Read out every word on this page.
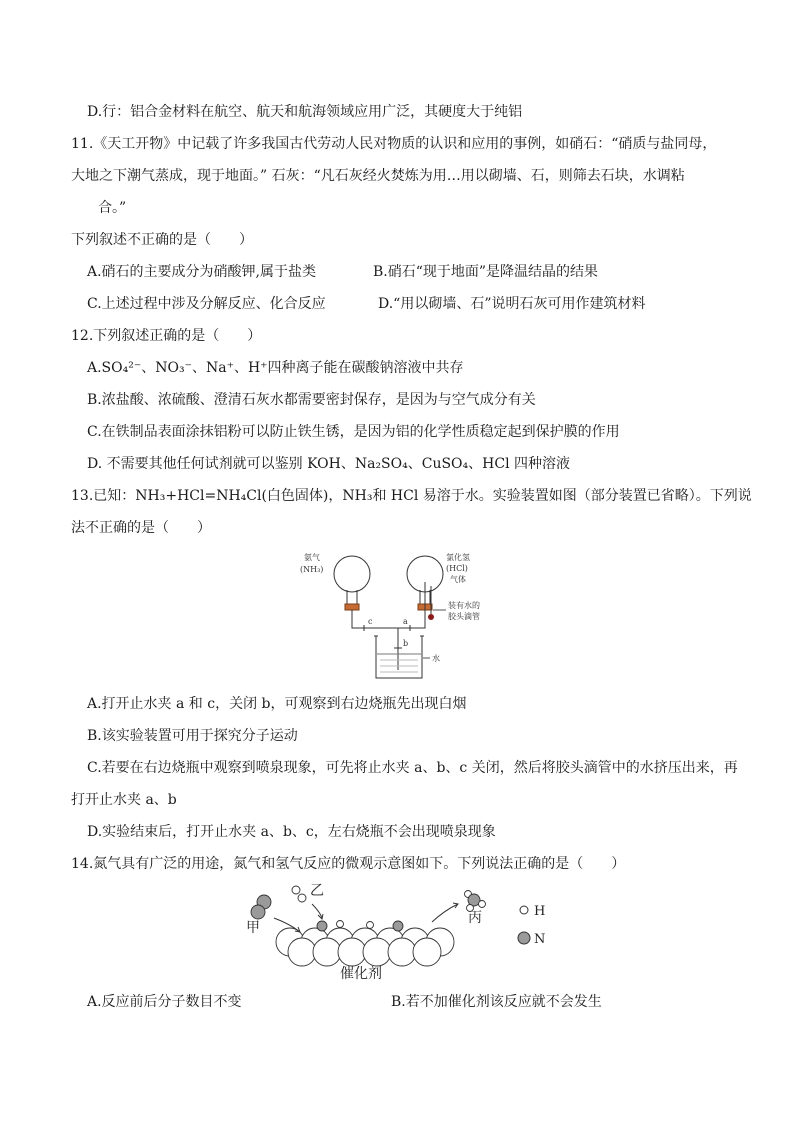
D.行：铝合金材料在航空、航天和航海领域应用广泛，其硬度大于纯铝
11.《天工开物》中记载了许多我国古代劳动人民对物质的认识和应用的事例，如硝石：“硝质与盐同母，
大地之下潮气蒸成，现于地面。” 石灰：“凡石灰经火焚炼为用…用以砌墙、石，则筛去石块，水调粘
合。”
下列叙述不正确的是（　　）
A.硝石的主要成分为硝酸钾,属于盐类	B.硝石“现于地面”是降温结晶的结果
C.上述过程中涉及分解反应、化合反应	D.“用以砌墙、石”说明石灰可用作建筑材料
12.下列叙述正确的是（　　）
A.SO₄²⁻、NO₃⁻、Na⁺、H⁺四种离子能在碳酸钠溶液中共存
B.浓盐酸、浓硫酸、澄清石灰水都需要密封保存，是因为与空气成分有关
C.在铁制品表面涂抹铝粉可以防止铁生锈，是因为铝的化学性质稳定起到保护膜的作用
D. 不需要其他任何试剂就可以鉴别 KOH、Na₂SO₄、CuSO₄、HCl 四种溶液
13.已知：NH₃+HCl=NH₄Cl(白色固体)，NH₃和 HCl 易溶于水。实验装置如图（部分装置已省略）。下列说
法不正确的是（　　）
氨气
(NH₃)
氯化氢
(HCl)
气体
c	a
b
装有水的
胶头滴管
水
A.打开止水夹 a 和 c，关闭 b，可观察到右边烧瓶先出现白烟
B.该实验装置可用于探究分子运动
C.若要在右边烧瓶中观察到喷泉现象，可先将止水夹 a、b、c 关闭，然后将胶头滴管中的水挤压出来，再
打开止水夹 a、b
D.实验结束后，打开止水夹 a、b、c，左右烧瓶不会出现喷泉现象
14.氮气具有广泛的用途，氮气和氢气反应的微观示意图如下。下列说法正确的是（　　）
甲
乙
丙	H
N
催化剂
A.反应前后分子数目不变	B.若不加催化剂该反应就不会发生
